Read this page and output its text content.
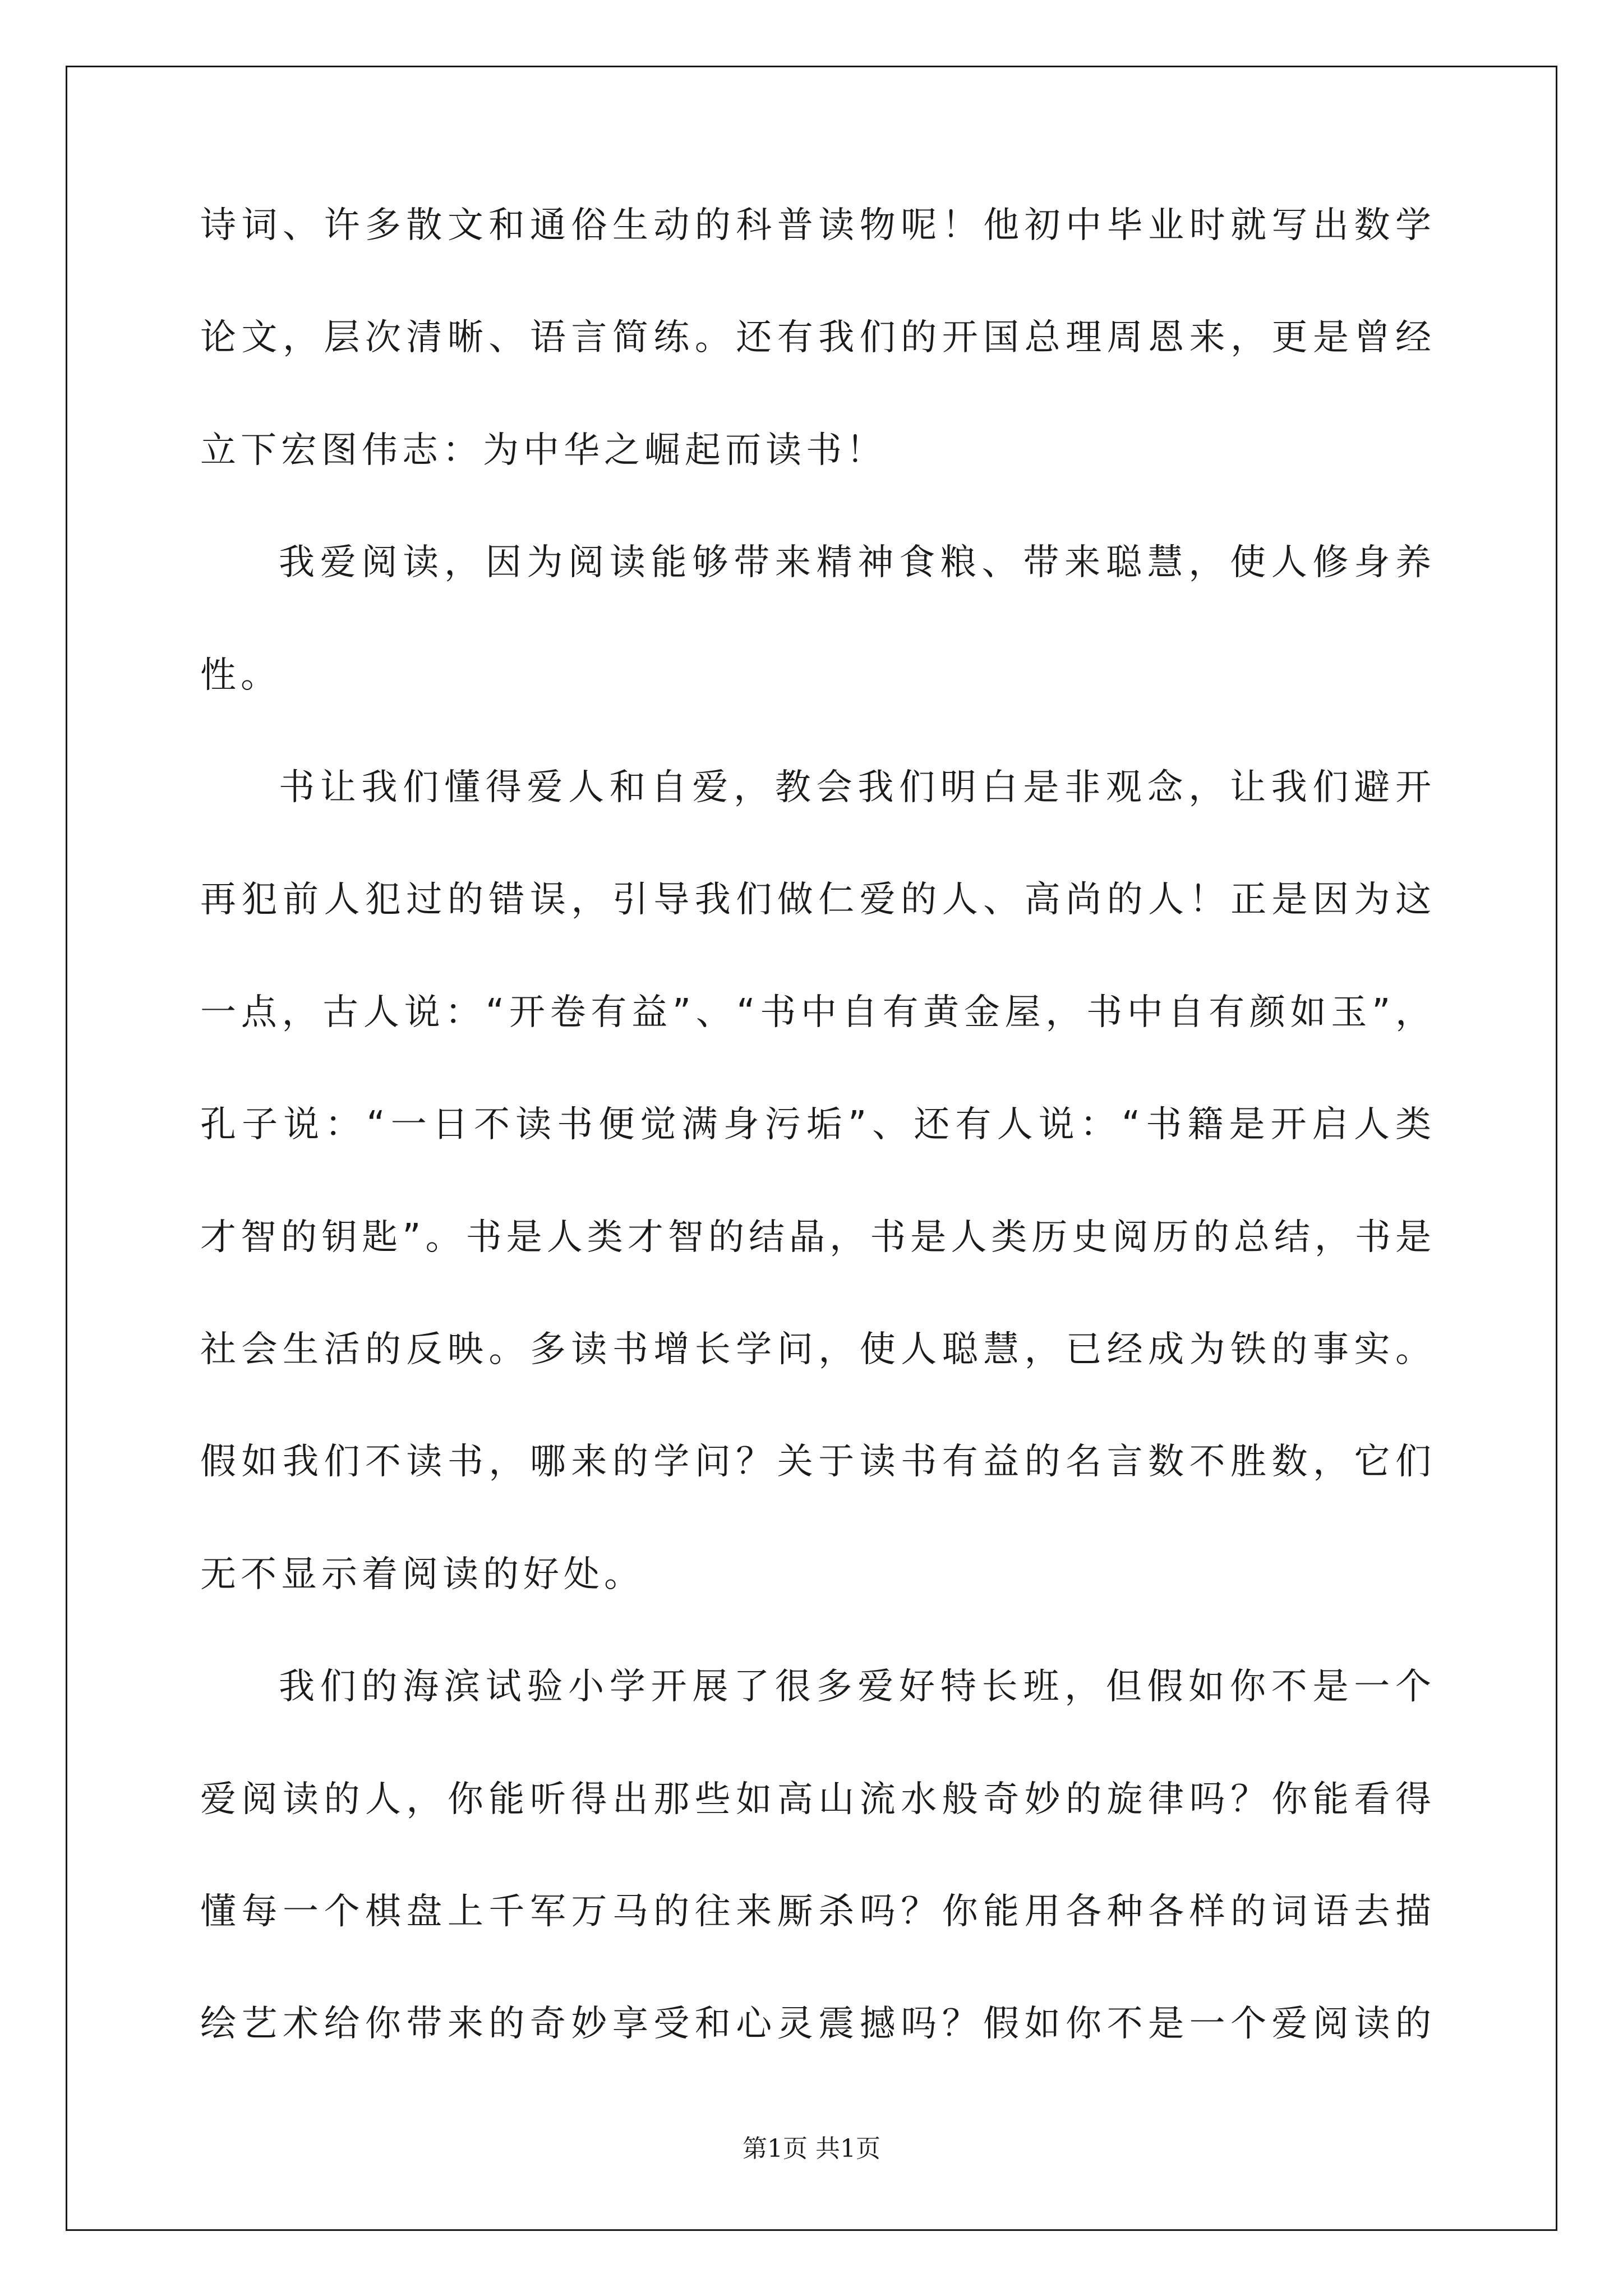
诗词、许多散文和通俗生动的科普读物呢！他初中毕业时就写出数学
论文，层次清晰、语言简练。还有我们的开国总理周恩来，更是曾经
立下宏图伟志：为中华之崛起而读书！
我爱阅读，因为阅读能够带来精神食粮、带来聪慧，使人修身养
性。
书让我们懂得爱人和自爱，教会我们明白是非观念，让我们避开
再犯前人犯过的错误，引导我们做仁爱的人、高尚的人！正是因为这
一点，古人说：“开卷有益”、“书中自有黄金屋，书中自有颜如玉”，
孔子说：“一日不读书便觉满身污垢”、还有人说：“书籍是开启人类
才智的钥匙”。书是人类才智的结晶，书是人类历史阅历的总结，书是
社会生活的反映。多读书增长学问，使人聪慧，已经成为铁的事实。
假如我们不读书，哪来的学问？关于读书有益的名言数不胜数，它们
无不显示着阅读的好处。
我们的海滨试验小学开展了很多爱好特长班，但假如你不是一个
爱阅读的人，你能听得出那些如高山流水般奇妙的旋律吗？你能看得
懂每一个棋盘上千军万马的往来厮杀吗？你能用各种各样的词语去描
绘艺术给你带来的奇妙享受和心灵震撼吗？假如你不是一个爱阅读的
第1页 共1页
